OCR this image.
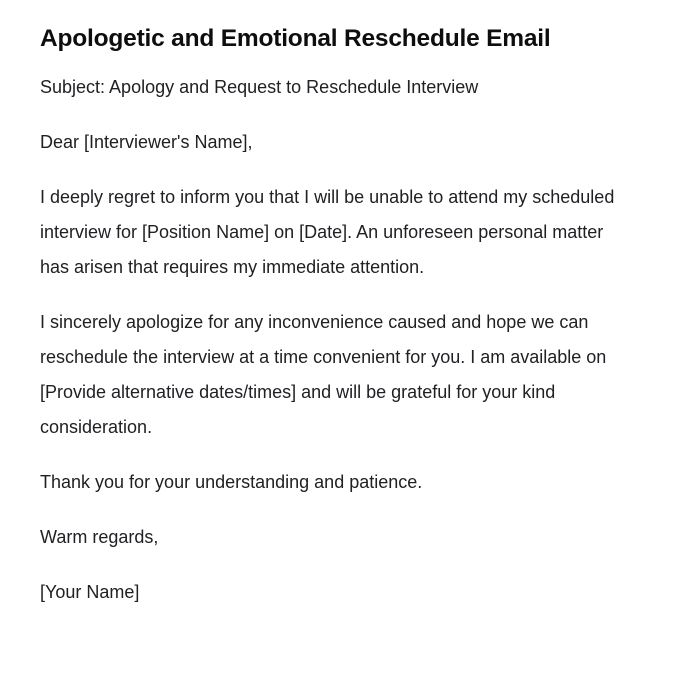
Apologetic and Emotional Reschedule Email

Subject: Apology and Request to Reschedule Interview

Dear [Interviewer's Name],

I deeply regret to inform you that I will be unable to attend my scheduled interview for [Position Name] on [Date]. An unforeseen personal matter has arisen that requires my immediate attention.

I sincerely apologize for any inconvenience caused and hope we can reschedule the interview at a time convenient for you. I am available on [Provide alternative dates/times] and will be grateful for your kind consideration.

Thank you for your understanding and patience.

Warm regards,

[Your Name]
